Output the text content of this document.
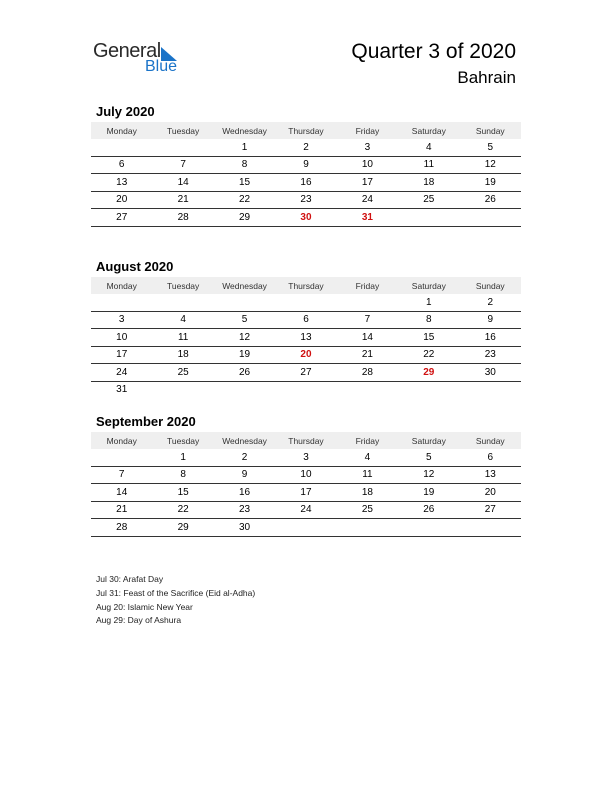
General
Blue
Quarter 3 of 2020
Bahrain
July 2020
Monday	Tuesday	Wednesday	Thursday	Friday	Saturday	Sunday
		1	2	3	4	5
6	7	8	9	10	11	12
13	14	15	16	17	18	19
20	21	22	23	24	25	26
27	28	29	30	31		
August 2020
Monday	Tuesday	Wednesday	Thursday	Friday	Saturday	Sunday
					1	2
3	4	5	6	7	8	9
10	11	12	13	14	15	16
17	18	19	20	21	22	23
24	25	26	27	28	29	30
31						
September 2020
Monday	Tuesday	Wednesday	Thursday	Friday	Saturday	Sunday
	1	2	3	4	5	6
7	8	9	10	11	12	13
14	15	16	17	18	19	20
21	22	23	24	25	26	27
28	29	30				
Jul 30: Arafat Day
Jul 31: Feast of the Sacrifice (Eid al-Adha)
Aug 20: Islamic New Year
Aug 29: Day of Ashura
